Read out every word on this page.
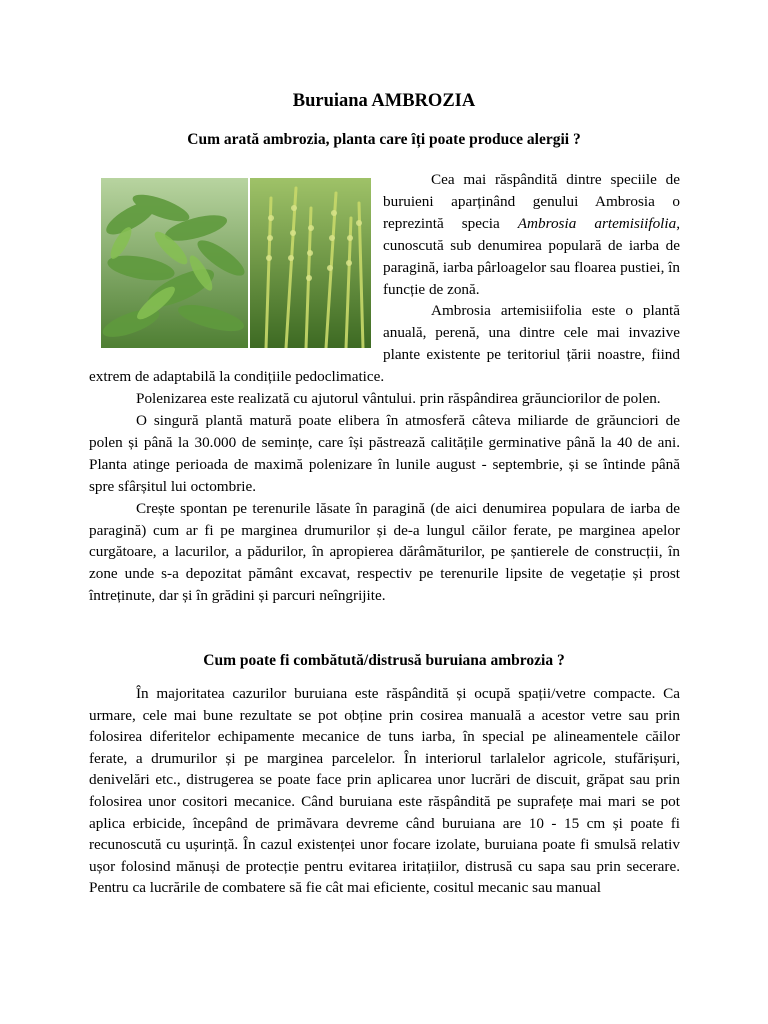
Buruiana AMBROZIA

Cum arată ambrozia, planta care îți poate produce alergii ?

Cea mai răspândită dintre speciile de buruieni aparținând genului Ambrosia o reprezintă specia Ambrosia artemisiifolia, cunoscută sub denumirea populară de iarba de paragină, iarba pârloagelor sau floarea pustiei, în funcție de zonă.

Ambrosia artemisiifolia este o plantă anuală, perenă, una dintre cele mai invazive plante existente pe teritoriul țării noastre, fiind extrem de adaptabilă la condițiile pedoclimatice.

Polenizarea este realizată cu ajutorul vântului. prin răspândirea grăunciorilor de polen.

O singură plantă matură poate elibera în atmosferă câteva miliarde de grăunciori de polen și până la 30.000 de semințe, care își păstrează calitățile germinative până la 40 de ani. Planta atinge perioada de maximă polenizare în lunile august - septembrie, și se întinde până spre sfârșitul lui octombrie.

Crește spontan pe terenurile lăsate în paragină (de aici denumirea populara de iarba de paragină) cum ar fi pe marginea drumurilor și de-a lungul căilor ferate, pe marginea apelor curgătoare, a lacurilor, a pădurilor, în apropierea dărâmăturilor, pe șantierele de construcții, în zone unde s-a depozitat pământ excavat, respectiv pe terenurile lipsite de vegetație și prost întreținute, dar și în grădini și parcuri neîngrijite.

Cum poate fi combătută/distrusă buruiana ambrozia ?

În majoritatea cazurilor buruiana este răspândită și ocupă spații/vetre compacte. Ca urmare, cele mai bune rezultate se pot obține prin cosirea manuală a acestor vetre sau prin folosirea diferitelor echipamente mecanice de tuns iarba, în special pe alineamentele căilor ferate, a drumurilor și pe marginea parcelelor. În interiorul tarlalelor agricole, stufărișuri, denivelări etc., distrugerea se poate face prin aplicarea unor lucrări de discuit, grăpat sau prin folosirea unor cositori mecanice. Când buruiana este răspândită pe suprafețe mai mari se pot aplica erbicide, începând de primăvara devreme când buruiana are 10 - 15 cm și poate fi recunoscută cu ușurință. În cazul existenței unor focare izolate, buruiana poate fi smulsă relativ ușor folosind mănuși de protecție pentru evitarea iritațiilor, distrusă cu sapa sau prin secerare. Pentru ca lucrările de combatere să fie cât mai eficiente, cositul mecanic sau manual
